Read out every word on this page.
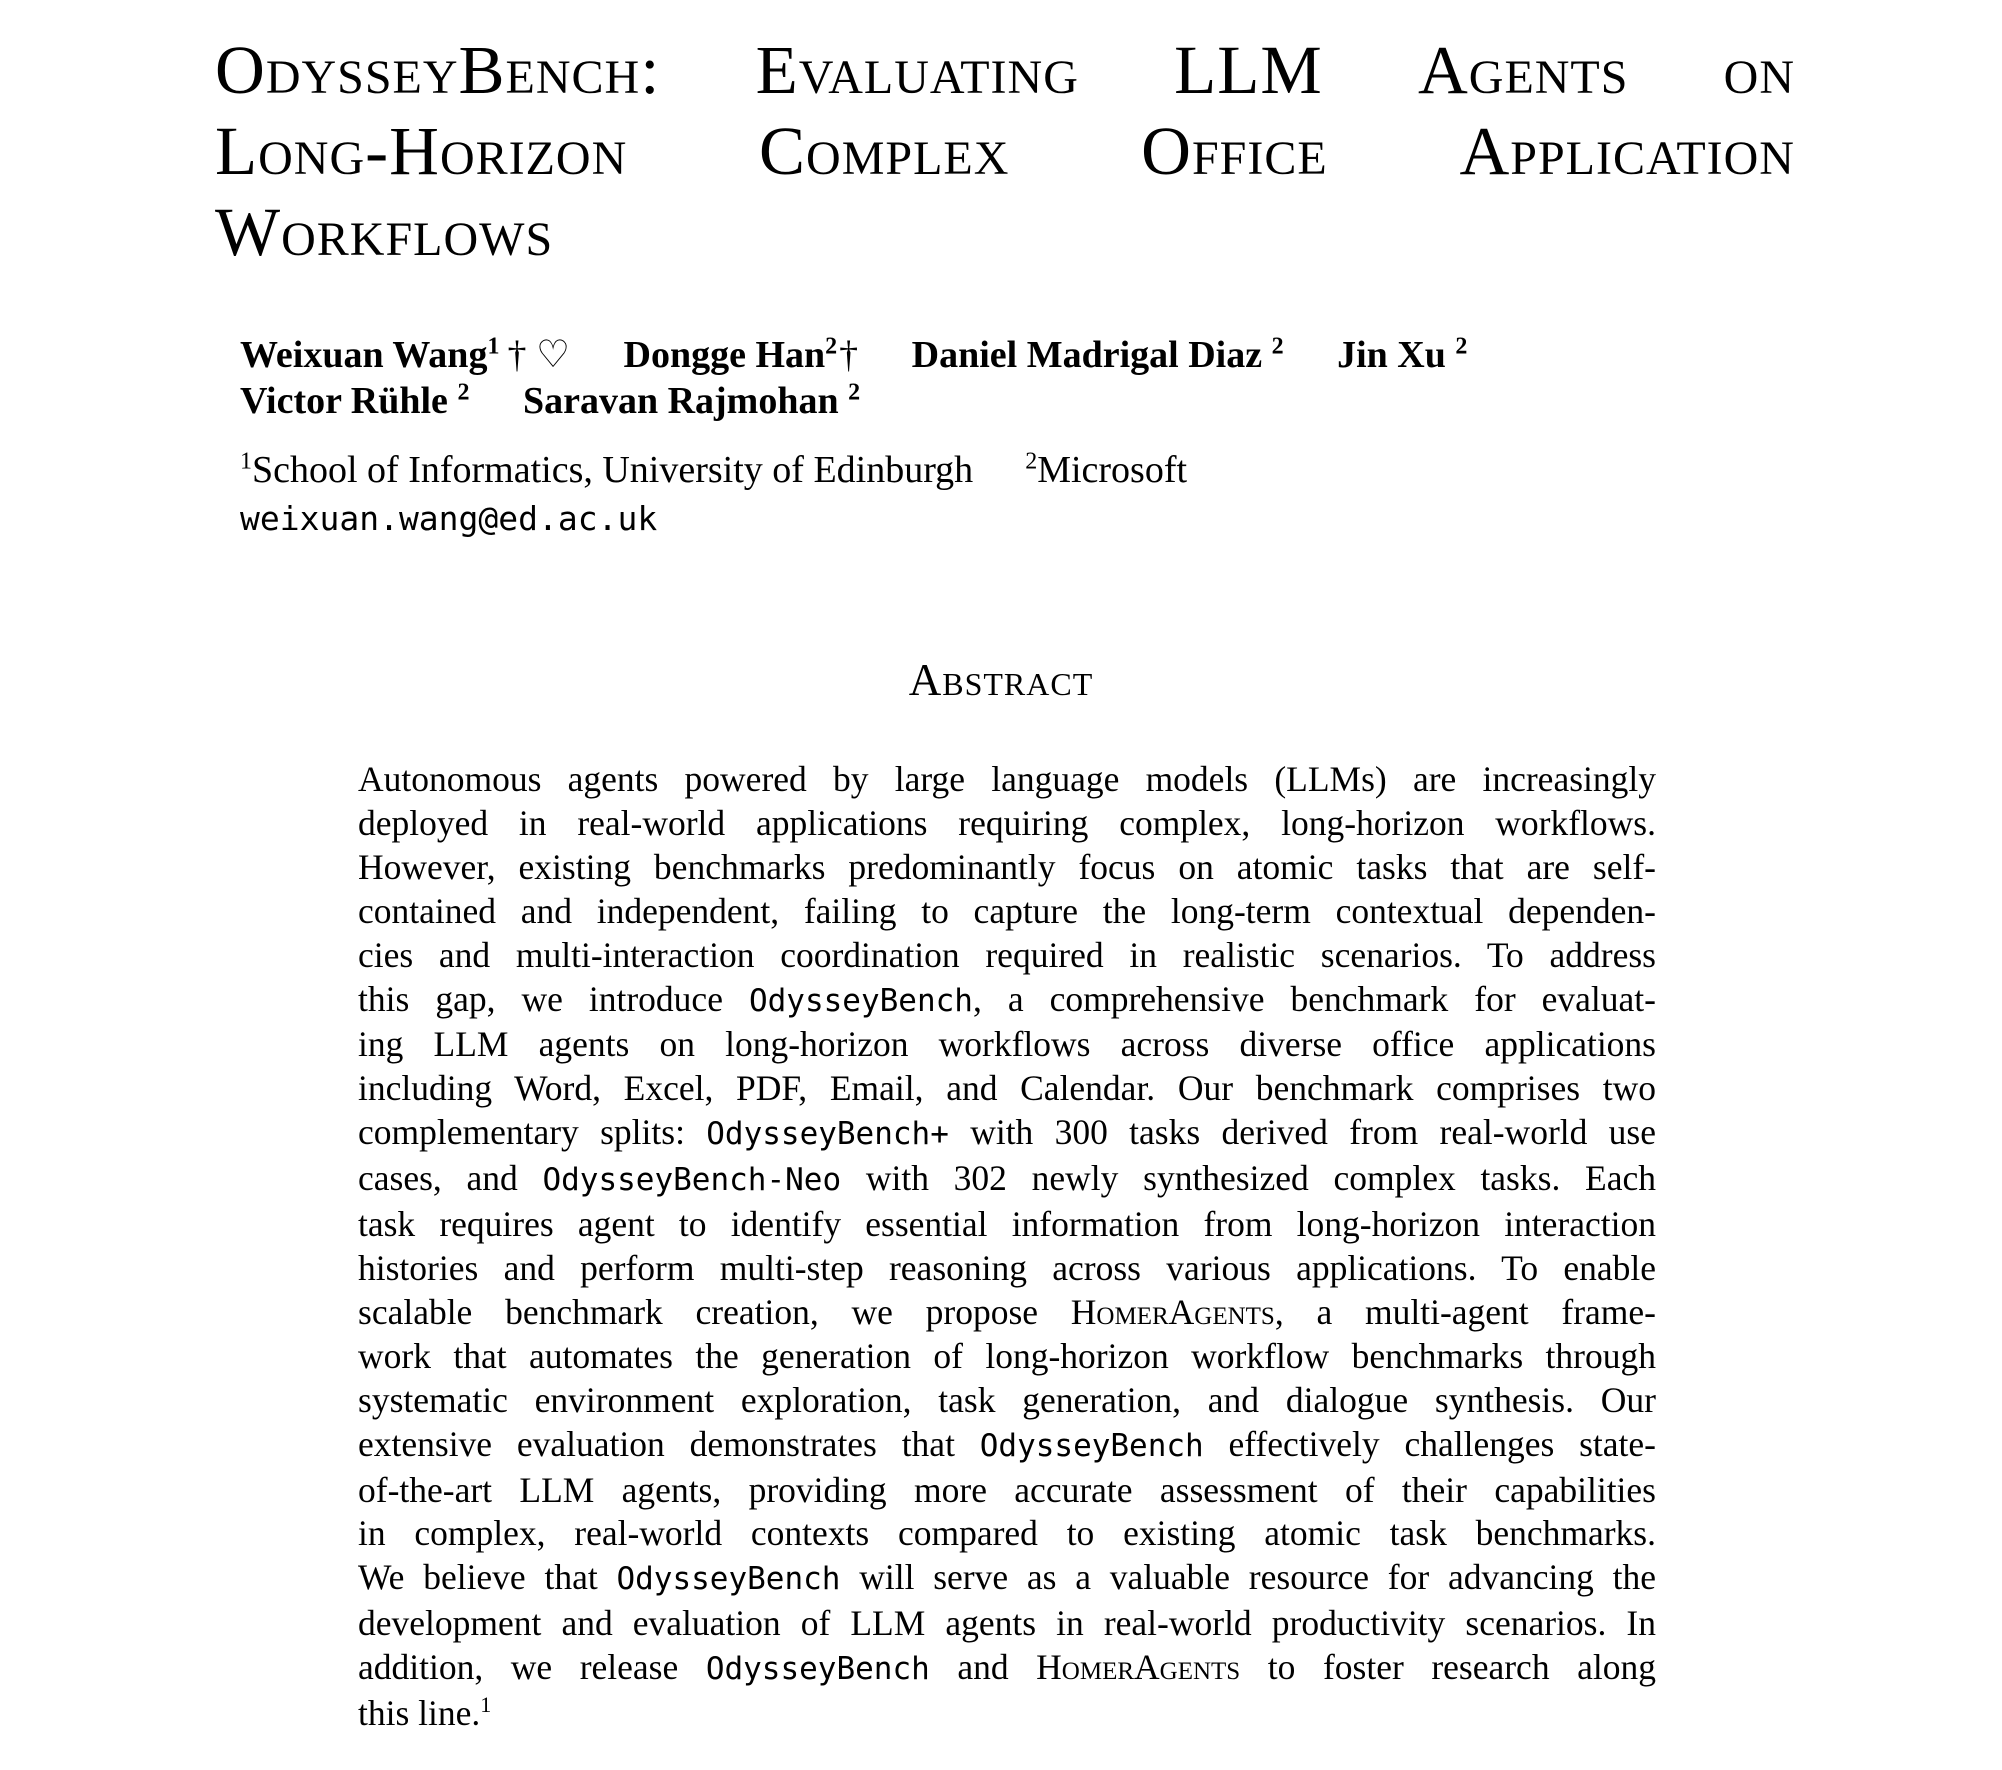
OdysseyBench: Evaluating LLM Agents on
Long-Horizon Complex Office Application
Workflows
Weixuan Wang$^1$ † ♡ Dongge Han$^2$† Daniel Madrigal Diaz $^2$ Jin Xu $^2$
Victor Rühle $^2$ Saravan Rajmohan $^2$
$^1$School of Informatics, University of Edinburgh $^2$Microsoft
weixuan.wang@ed.ac.uk
Abstract
Autonomous agents powered by large language models (LLMs) are increasingly
deployed in real-world applications requiring complex, long-horizon workflows.
However, existing benchmarks predominantly focus on atomic tasks that are self-
contained and independent, failing to capture the long-term contextual dependen-
cies and multi-interaction coordination required in realistic scenarios. To address
this gap, we introduce OdysseyBench, a comprehensive benchmark for evaluat-
ing LLM agents on long-horizon workflows across diverse office applications
including Word, Excel, PDF, Email, and Calendar. Our benchmark comprises two
complementary splits: OdysseyBench+ with 300 tasks derived from real-world use
cases, and OdysseyBench-Neo with 302 newly synthesized complex tasks. Each
task requires agent to identify essential information from long-horizon interaction
histories and perform multi-step reasoning across various applications. To enable
scalable benchmark creation, we propose HomerAgents, a multi-agent frame-
work that automates the generation of long-horizon workflow benchmarks through
systematic environment exploration, task generation, and dialogue synthesis. Our
extensive evaluation demonstrates that OdysseyBench effectively challenges state-
of-the-art LLM agents, providing more accurate assessment of their capabilities
in complex, real-world contexts compared to existing atomic task benchmarks.
We believe that OdysseyBench will serve as a valuable resource for advancing the
development and evaluation of LLM agents in real-world productivity scenarios. In
addition, we release OdysseyBench and HomerAgents to foster research along
this line.$^1$
